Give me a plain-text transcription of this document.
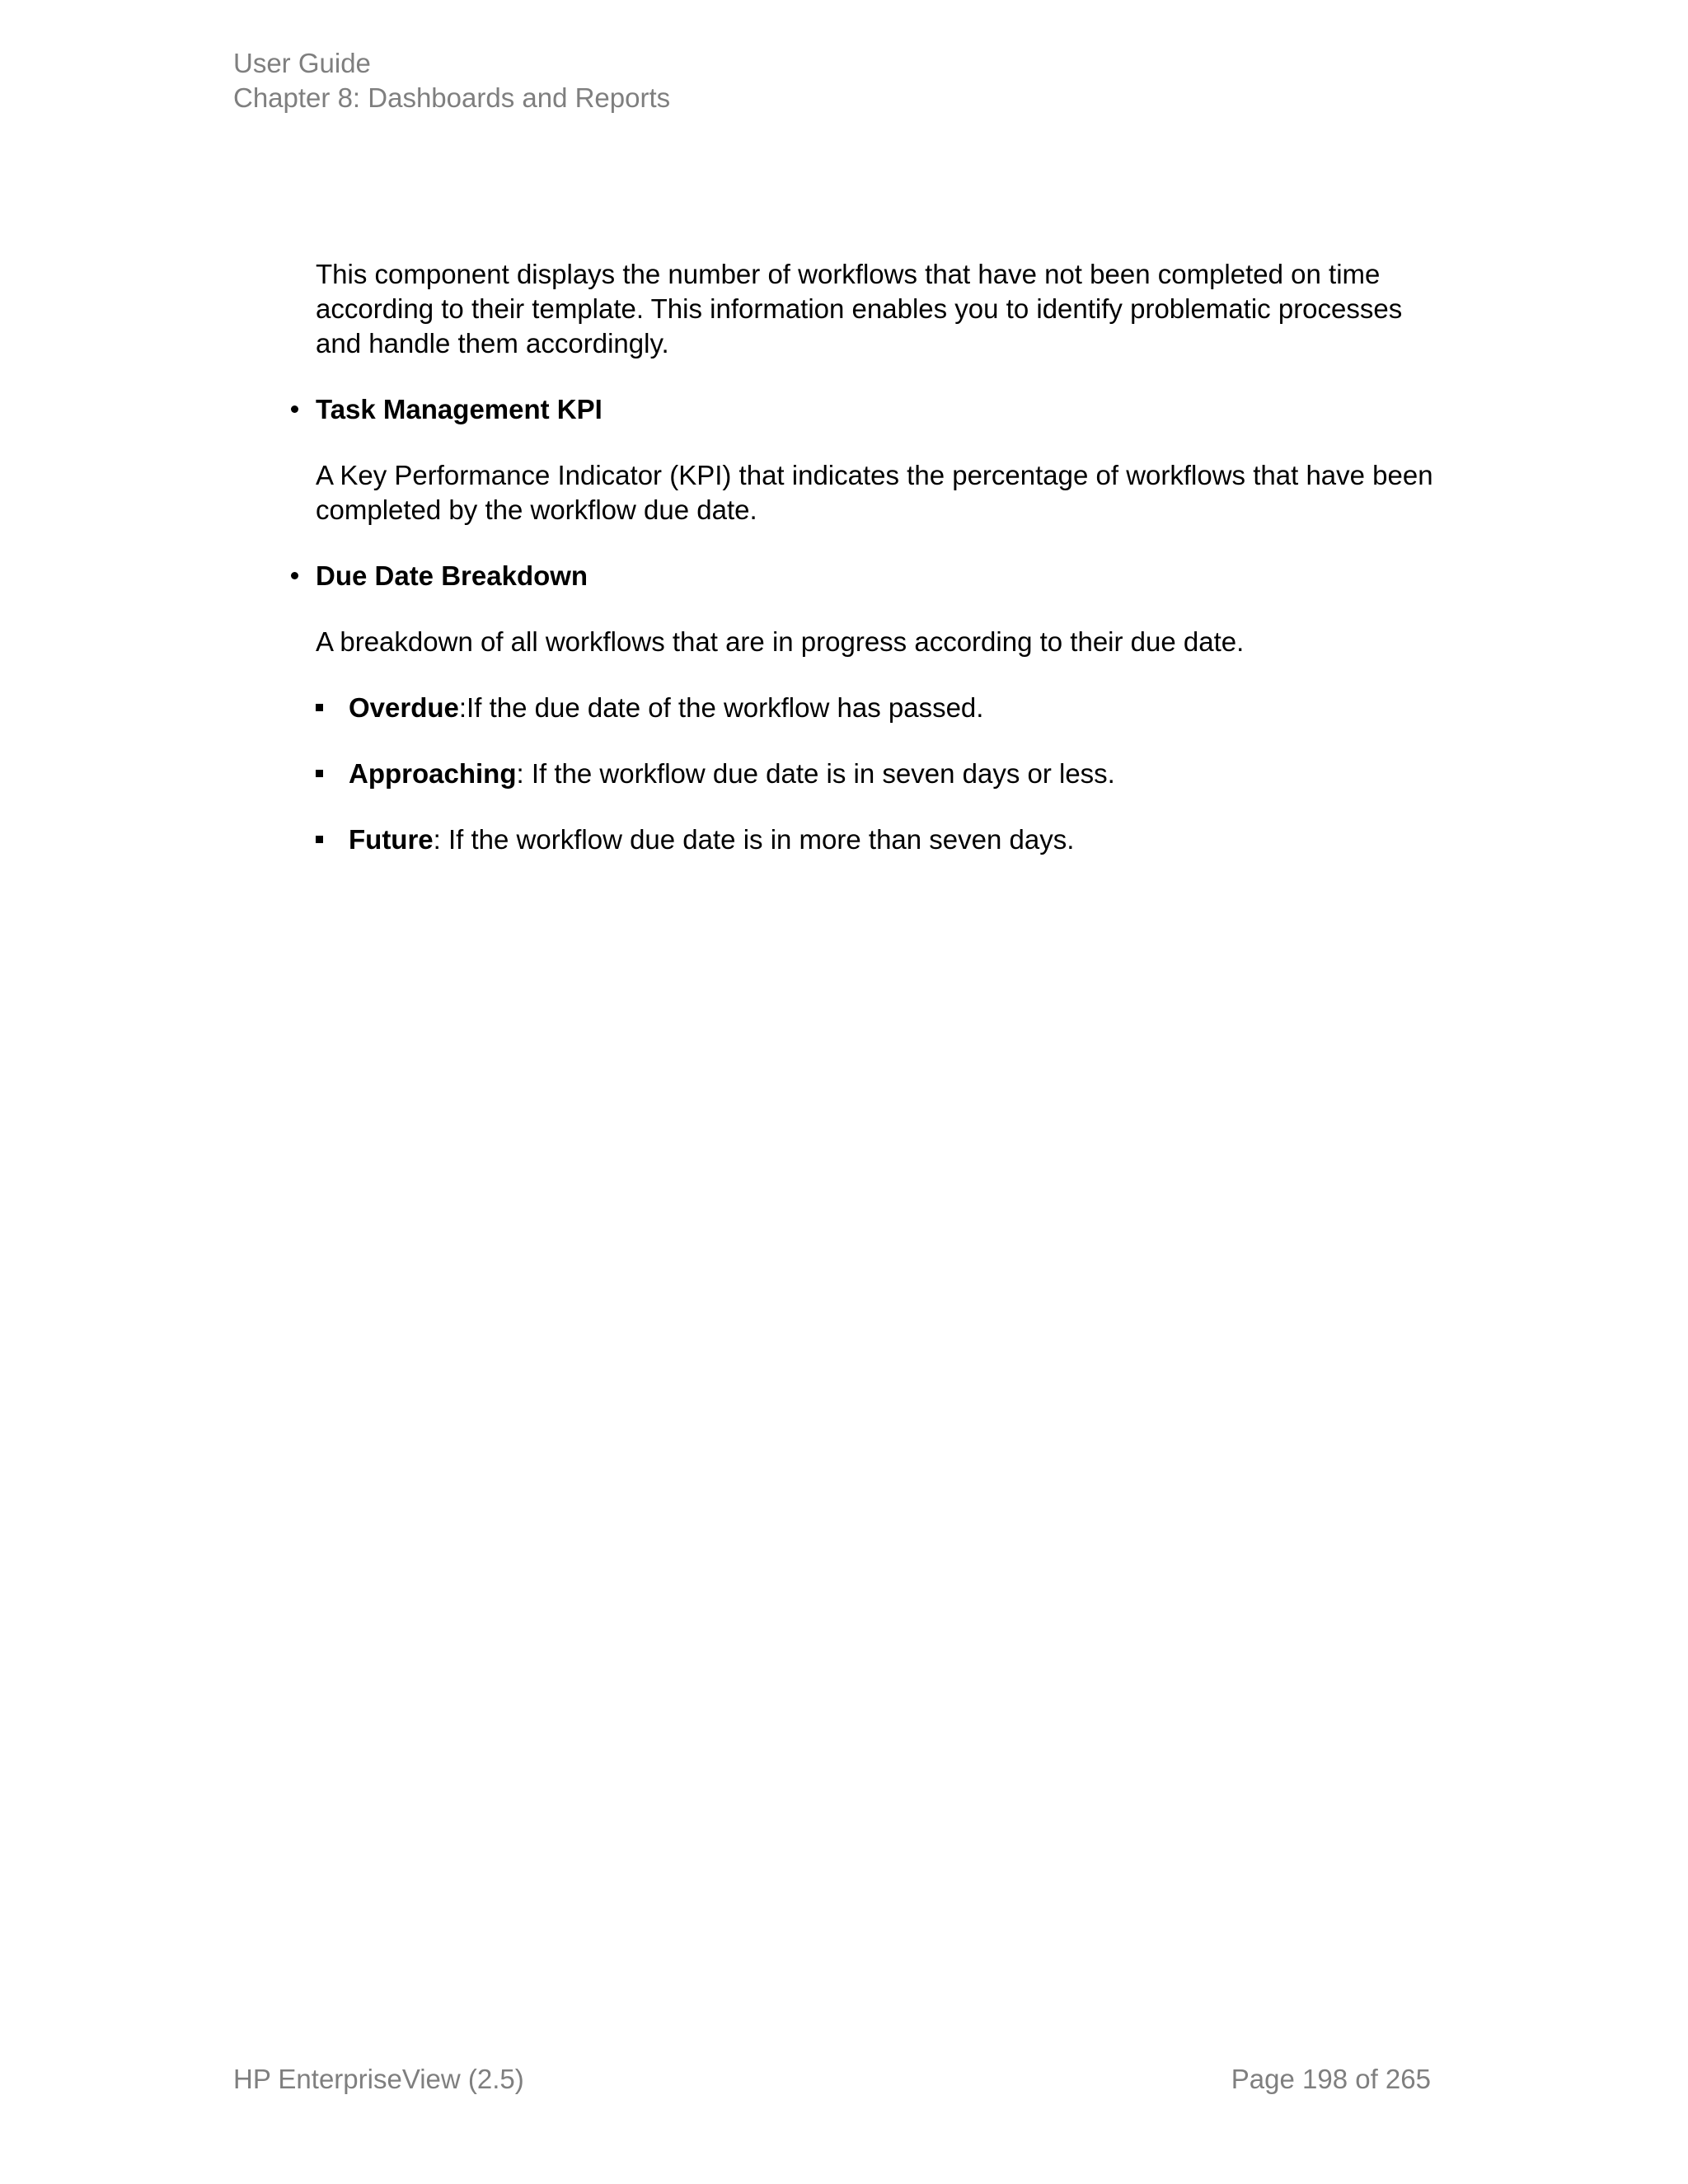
User Guide
Chapter 8: Dashboards and Reports

This component displays the number of workflows that have not been completed on time according to their template. This information enables you to identify problematic processes and handle them accordingly.

Task Management KPI

A Key Performance Indicator (KPI) that indicates the percentage of workflows that have been completed by the workflow due date.

Due Date Breakdown

A breakdown of all workflows that are in progress according to their due date.

Overdue:If the due date of the workflow has passed.
Approaching: If the workflow due date is in seven days or less.
Future: If the workflow due date is in more than seven days.
HP EnterpriseView (2.5)	Page 198 of 265
